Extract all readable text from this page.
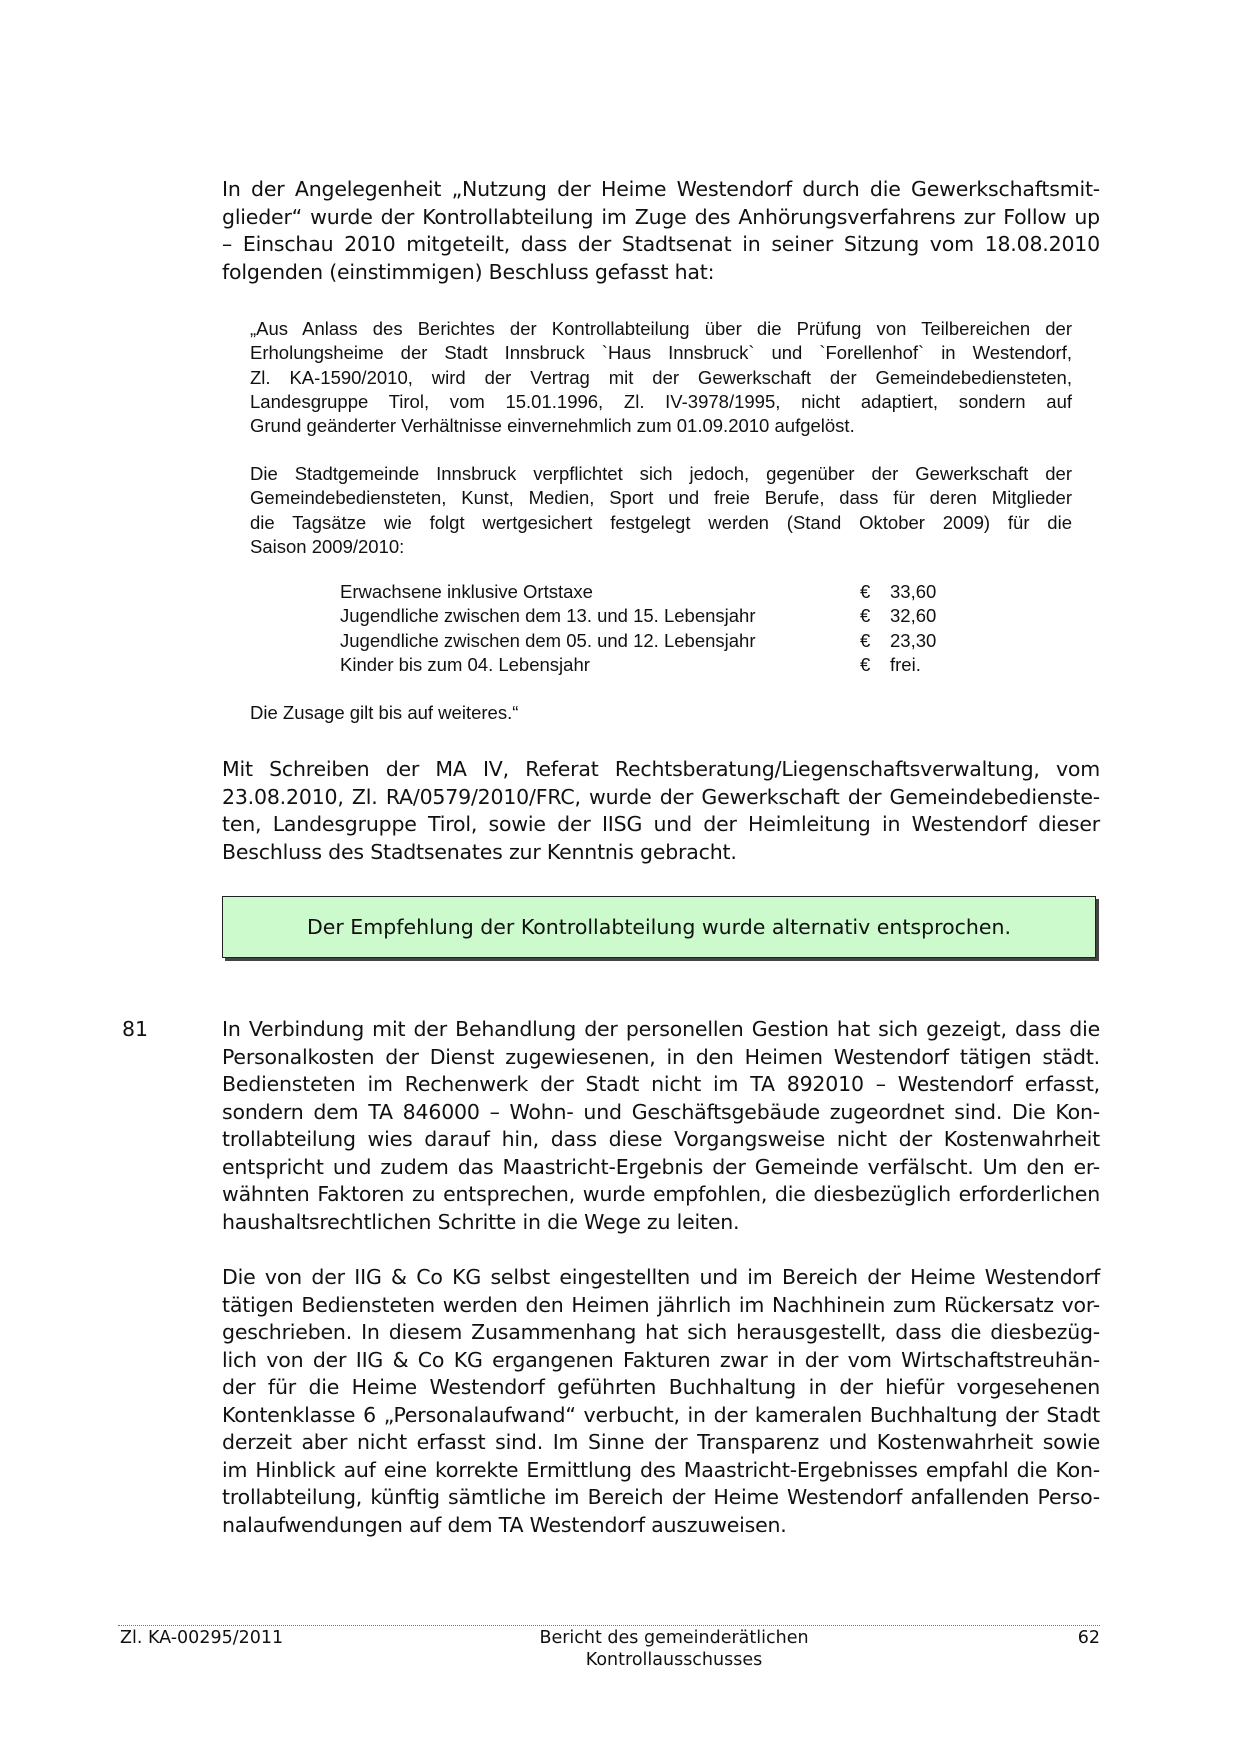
In der Angelegenheit „Nutzung der Heime Westendorf durch die Gewerkschaftsmit-
glieder“ wurde der Kontrollabteilung im Zuge des Anhörungsverfahrens zur Follow up
– Einschau 2010 mitgeteilt, dass der Stadtsenat in seiner Sitzung vom 18.08.2010
folgenden (einstimmigen) Beschluss gefasst hat:
„Aus Anlass des Berichtes der Kontrollabteilung über die Prüfung von Teilbereichen der
Erholungsheime der Stadt Innsbruck `Haus Innsbruck` und `Forellenhof` in Westendorf,
Zl. KA-1590/2010, wird der Vertrag mit der Gewerkschaft der Gemeindebediensteten,
Landesgruppe Tirol, vom 15.01.1996, Zl. IV-3978/1995, nicht adaptiert, sondern auf
Grund geänderter Verhältnisse einvernehmlich zum 01.09.2010 aufgelöst.
Die Stadtgemeinde Innsbruck verpflichtet sich jedoch, gegenüber der Gewerkschaft der
Gemeindebediensteten, Kunst, Medien, Sport und freie Berufe, dass für deren Mitglieder
die Tagsätze wie folgt wertgesichert festgelegt werden (Stand Oktober 2009) für die
Saison 2009/2010:
Erwachsene inklusive Ortstaxe	€	33,60
Jugendliche zwischen dem 13. und 15. Lebensjahr	€	32,60
Jugendliche zwischen dem 05. und 12. Lebensjahr	€	23,30
Kinder bis zum 04. Lebensjahr	€	frei.
Die Zusage gilt bis auf weiteres.“
Mit Schreiben der MA IV, Referat Rechtsberatung/Liegenschaftsverwaltung, vom
23.08.2010, Zl. RA/0579/2010/FRC, wurde der Gewerkschaft der Gemeindebedienste-
ten, Landesgruppe Tirol, sowie der IISG und der Heimleitung in Westendorf dieser
Beschluss des Stadtsenates zur Kenntnis gebracht.
Der Empfehlung der Kontrollabteilung wurde alternativ entsprochen.
81	In Verbindung mit der Behandlung der personellen Gestion hat sich gezeigt, dass die
Personalkosten der Dienst zugewiesenen, in den Heimen Westendorf tätigen städt.
Bediensteten im Rechenwerk der Stadt nicht im TA 892010 – Westendorf erfasst,
sondern dem TA 846000 – Wohn- und Geschäftsgebäude zugeordnet sind. Die Kon-
trollabteilung wies darauf hin, dass diese Vorgangsweise nicht der Kostenwahrheit
entspricht und zudem das Maastricht-Ergebnis der Gemeinde verfälscht. Um den er-
wähnten Faktoren zu entsprechen, wurde empfohlen, die diesbezüglich erforderlichen
haushaltsrechtlichen Schritte in die Wege zu leiten.
Die von der IIG & Co KG selbst eingestellten und im Bereich der Heime Westendorf
tätigen Bediensteten werden den Heimen jährlich im Nachhinein zum Rückersatz vor-
geschrieben. In diesem Zusammenhang hat sich herausgestellt, dass die diesbezüg-
lich von der IIG & Co KG ergangenen Fakturen zwar in der vom Wirtschaftstreuhän-
der für die Heime Westendorf geführten Buchhaltung in der hiefür vorgesehenen
Kontenklasse 6 „Personalaufwand“ verbucht, in der kameralen Buchhaltung der Stadt
derzeit aber nicht erfasst sind. Im Sinne der Transparenz und Kostenwahrheit sowie
im Hinblick auf eine korrekte Ermittlung des Maastricht-Ergebnisses empfahl die Kon-
trollabteilung, künftig sämtliche im Bereich der Heime Westendorf anfallenden Perso-
nalaufwendungen auf dem TA Westendorf auszuweisen.
Zl. KA-00295/2011	Bericht des gemeinderätlichen Kontrollausschusses
62
